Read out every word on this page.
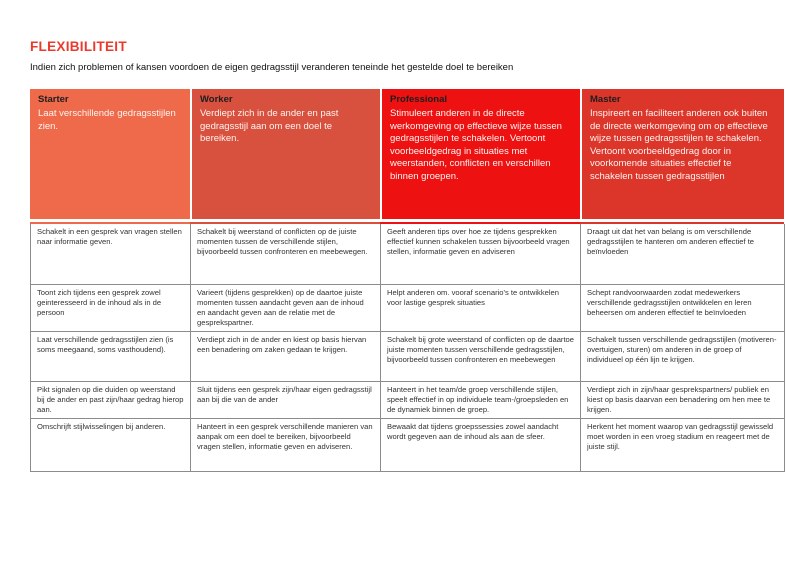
FLEXIBILITEIT

Indien zich problemen of kansen voordoen de eigen gedragsstijl veranderen teneinde het gestelde doel te bereiken

Starter
Laat verschillende gedragsstijlen zien.
Worker
Verdiept zich in de ander en past gedragsstijl aan om een doel te bereiken.
Professional
Stimuleert anderen in de directe werkomgeving op effectieve wijze tussen gedragsstijlen te schakelen. Vertoont voorbeeldgedrag in situaties met weerstanden, conflicten en verschillen binnen groepen.
Master
Inspireert en faciliteert anderen ook buiten de directe werkomgeving om op effectieve wijze tussen gedragsstijlen te schakelen. Vertoont voorbeeldgedrag door in voorkomende situaties effectief te schakelen tussen gedragsstijlen
Schakelt in een gesprek van vragen stellen naar informatie geven.	Schakelt bij weerstand of conflicten op de juiste momenten tussen de verschillende stijlen, bijvoorbeeld tussen confronteren en meebewegen.	Geeft anderen tips over hoe ze tijdens gesprekken effectief kunnen schakelen tussen bijvoorbeeld vragen stellen, informatie geven en adviseren	Draagt uit dat het van belang is om verschillende gedragsstijlen te hanteren om anderen effectief te beïnvloeden
Toont zich tijdens een gesprek zowel geinteresseerd in de inhoud als in de persoon	Varieert (tijdens gesprekken) op de daartoe juiste momenten tussen aandacht geven aan de inhoud en aandacht geven aan de relatie met de gesprekspartner.	Helpt anderen om. vooraf scenario's te ontwikkelen voor lastige gesprek situaties	Schept randvoorwaarden zodat medewerkers verschillende gedragsstijlen ontwikkelen en leren beheersen om anderen effectief te beïnvloeden
Laat verschillende gedragsstijlen zien (is soms meegaand, soms vasthoudend).	Verdiept zich in de ander en kiest op basis hiervan een benadering om zaken gedaan te krijgen.	Schakelt bij grote weerstand of conflicten op de daartoe juiste momenten tussen verschillende gedragsstijlen, bijvoorbeeld tussen confronteren en meebewegen	Schakelt tussen verschillende gedragsstijlen (motiveren-overtuigen, sturen) om anderen in de groep of individueel op één lijn te krijgen.
Pikt signalen op die duiden op weerstand bij de ander en past zijn/haar gedrag hierop aan.	Sluit tijdens een gesprek zijn/haar eigen gedragsstijl aan bij die van de ander	Hanteert in het team/de groep verschillende stijlen, speelt effectief in op individuele team-/groepsleden en de dynamiek binnen de groep.	Verdiept zich in zijn/haar gesprekspartners/ publiek en kiest op basis daarvan een benadering om hen mee te krijgen.
Omschrijft stijlwisselingen bij anderen.	Hanteert in een gesprek verschillende manieren van aanpak om een doel te bereiken, bijvoorbeeld vragen stellen, informatie geven en adviseren.	Bewaakt dat tijdens groepssessies zowel aandacht wordt gegeven aan de inhoud als aan de sfeer.	Herkent het moment waarop van gedragsstijl gewisseld moet worden in een vroeg stadium en reageert met de juiste stijl.
